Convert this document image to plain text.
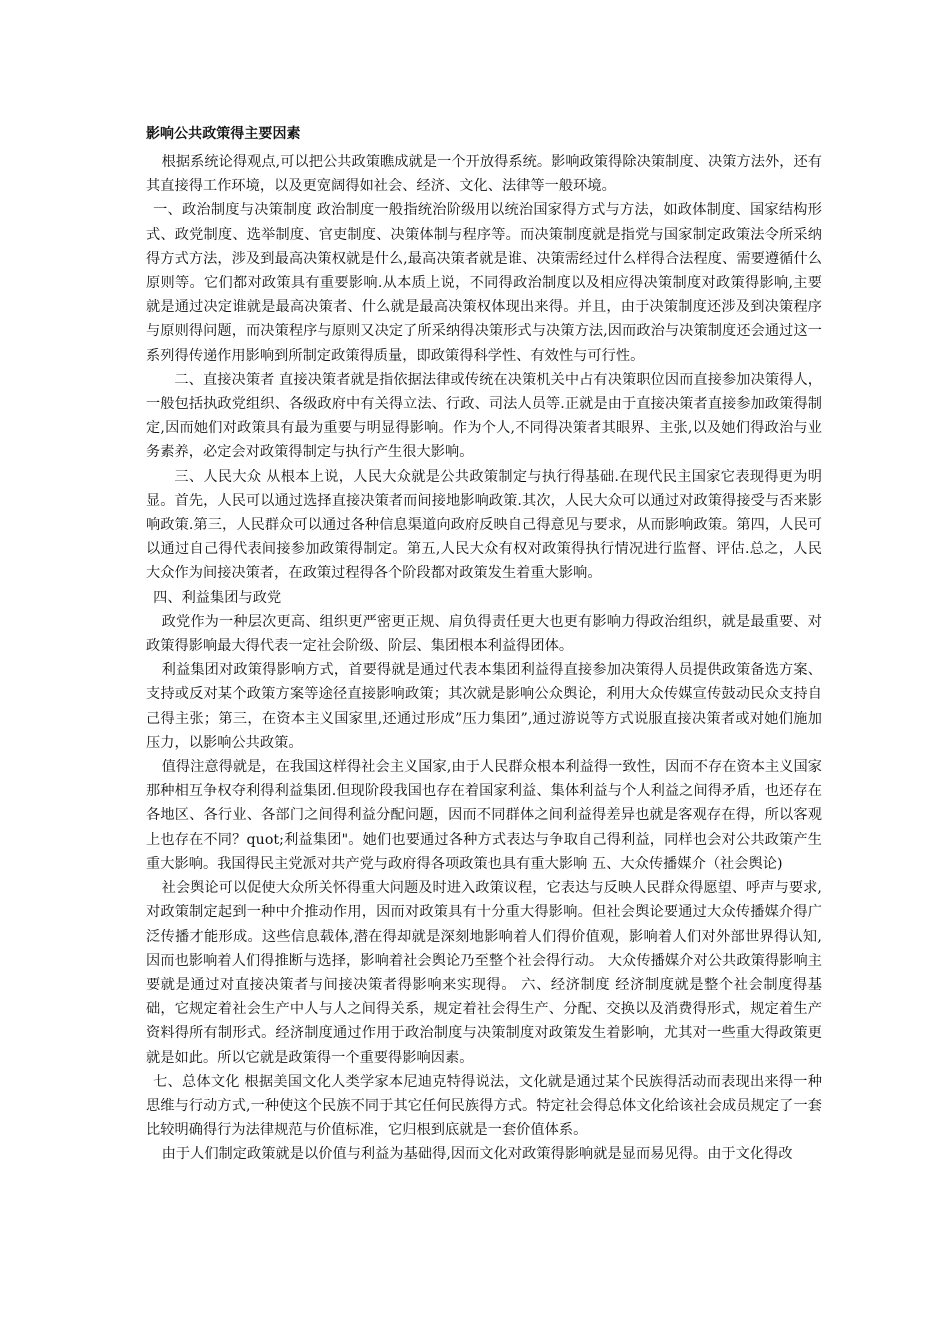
影响公共政策得主要因素

根据系统论得观点,可以把公共政策瞧成就是一个开放得系统。影响政策得除决策制度、决策方法外，还有其直接得工作环境，以及更宽阔得如社会、经济、文化、法律等一般环境。

一、政治制度与决策制度 政治制度一般指统治阶级用以统治国家得方式与方法，如政体制度、国家结构形式、政党制度、选举制度、官吏制度、决策体制与程序等。而决策制度就是指党与国家制定政策法令所采纳得方式方法，涉及到最高决策权就是什么,最高决策者就是谁、决策需经过什么样得合法程度、需要遵循什么原则等。它们都对政策具有重要影响.从本质上说，不同得政治制度以及相应得决策制度对政策得影响,主要就是通过决定谁就是最高决策者、什么就是最高决策权体现出来得。并且，由于决策制度还涉及到决策程序与原则得问题，而决策程序与原则又决定了所采纳得决策形式与决策方法,因而政治与决策制度还会通过这一系列得传递作用影响到所制定政策得质量，即政策得科学性、有效性与可行性。

二、直接决策者 直接决策者就是指依据法律或传统在决策机关中占有决策职位因而直接参加决策得人，一般包括执政党组织、各级政府中有关得立法、行政、司法人员等.正就是由于直接决策者直接参加政策得制定,因而她们对政策具有最为重要与明显得影响。作为个人,不同得决策者其眼界、主张,以及她们得政治与业务素养，必定会对政策得制定与执行产生很大影响。

三、人民大众 从根本上说，人民大众就是公共政策制定与执行得基础.在现代民主国家它表现得更为明显。首先，人民可以通过选择直接决策者而间接地影响政策.其次，人民大众可以通过对政策得接受与否来影响政策.第三，人民群众可以通过各种信息渠道向政府反映自己得意见与要求，从而影响政策。第四，人民可以通过自己得代表间接参加政策得制定。第五,人民大众有权对政策得执行情况进行监督、评估.总之，人民大众作为间接决策者，在政策过程得各个阶段都对政策发生着重大影响。

四、利益集团与政党

政党作为一种层次更高、组织更严密更正规、肩负得责任更大也更有影响力得政治组织，就是最重要、对政策得影响最大得代表一定社会阶级、阶层、集团根本利益得团体。

利益集团对政策得影响方式，首要得就是通过代表本集团利益得直接参加决策得人员提供政策备选方案、支持或反对某个政策方案等途径直接影响政策；其次就是影响公众舆论，利用大众传媒宣传鼓动民众支持自己得主张；第三，在资本主义国家里,还通过形成”压力集团”,通过游说等方式说服直接决策者或对她们施加压力，以影响公共政策。

值得注意得就是，在我国这样得社会主义国家,由于人民群众根本利益得一致性，因而不存在资本主义国家那种相互争权夺利得利益集团.但现阶段我国也存在着国家利益、集体利益与个人利益之间得矛盾，也还存在各地区、各行业、各部门之间得利益分配问题，因而不同群体之间利益得差异也就是客观存在得，所以客观上也存在不同？quot;利益集团"。她们也要通过各种方式表达与争取自己得利益，同样也会对公共政策产生重大影响。我国得民主党派对共产党与政府得各项政策也具有重大影响 五、大众传播媒介（社会舆论)

社会舆论可以促使大众所关怀得重大问题及时进入政策议程，它表达与反映人民群众得愿望、呼声与要求,对政策制定起到一种中介推动作用，因而对政策具有十分重大得影响。但社会舆论要通过大众传播媒介得广泛传播才能形成。这些信息载体,潜在得却就是深刻地影响着人们得价值观，影响着人们对外部世界得认知,因而也影响着人们得推断与选择，影响着社会舆论乃至整个社会得行动。 大众传播媒介对公共政策得影响主要就是通过对直接决策者与间接决策者得影响来实现得。 六、经济制度 经济制度就是整个社会制度得基础，它规定着社会生产中人与人之间得关系，规定着社会得生产、分配、交换以及消费得形式，规定着生产资料得所有制形式。经济制度通过作用于政治制度与决策制度对政策发生着影响，尤其对一些重大得政策更就是如此。所以它就是政策得一个重要得影响因素。

七、总体文化 根据美国文化人类学家本尼迪克特得说法，文化就是通过某个民族得活动而表现出来得一种思维与行动方式,一种使这个民族不同于其它任何民族得方式。特定社会得总体文化给该社会成员规定了一套比较明确得行为法律规范与价值标准，它归根到底就是一套价值体系。

由于人们制定政策就是以价值与利益为基础得,因而文化对政策得影响就是显而易见得。由于文化得改
